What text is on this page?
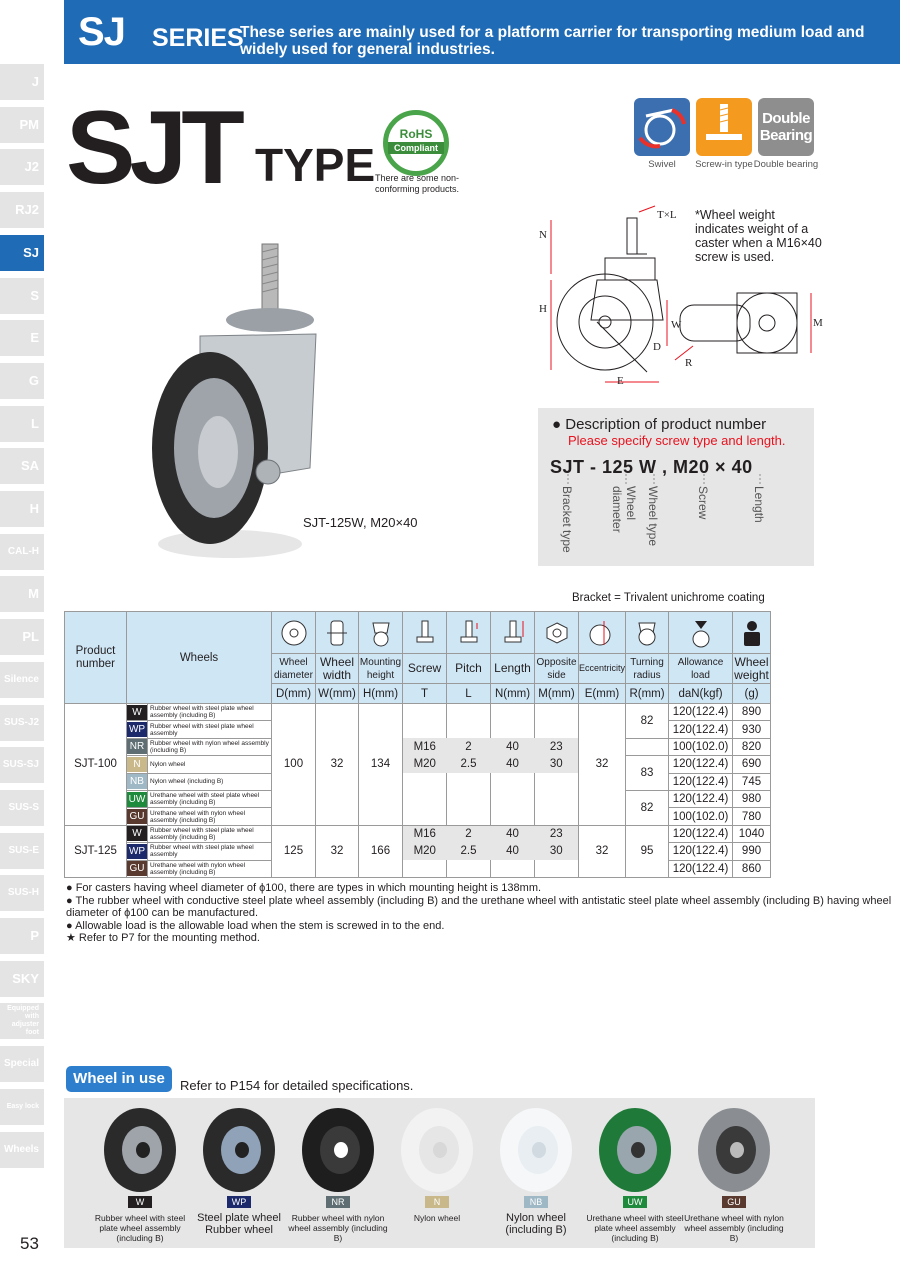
SJ SERIES
These series are mainly used for a platform carrier for transporting medium load and widely used for general industries.
J
PM
J2
RJ2
SJ
S
E
G
L
SA
H
CAL-H
M
PL
Silence
SUS-J2
SUS-SJ
SUS-S
SUS-E
SUS-H
P
SKY
Equipped with adjuster foot
Special
Easy lock
Wheels
53
SJT TYPE
RoHS
Compliant
There are some non-conforming products.
Double Bearing
Swivel	Screw-in type Double bearing
T×L
N
H
W
D
R
E
M
*Wheel weight indicates weight of a caster when a M16×40 screw is used.
SJT-125W, M20×40
● Description of product number
Please specify screw type and length.
SJT - 125 W , M20 × 40
Bracket type	Wheel diameter	Wheel type	Screw	Length
Bracket = Trivalent unichrome coating
Product number	Wheels	

			Wheel diameter	Wheel width	Mounting height	Screw	Pitch	Length	Opposite side	Eccentricity	Turning radius	Allowance load	Wheel weight
			D(mm)	W(mm)	H(mm)	T	L	N(mm)	M(mm)	E(mm)	R(mm)	daN(kgf)	(g)
SJT-100	W	Rubber wheel with steel plate wheel assembly (including B)	100	32	134					32	82	120(122.4)	890
	WP	Rubber wheel with steel plate wheel assembly										120(122.4)	930
	NR	Rubber wheel with nylon wheel assembly (including B)				M16	2	40	23			100(102.0)	820
	N	Nylon wheel				M20	2.5	40	30		83	120(122.4)	690
	NB	Nylon wheel (including B)										120(122.4)	745
	UW	Urethane wheel with steel plate wheel assembly (including B)									82	120(122.4)	980
	GU	Urethane wheel with nylon wheel assembly (including B)										100(102.0)	780
SJT-125	W	Rubber wheel with steel plate wheel assembly (including B)	125	32	166	M16	2	40	23	32	95	120(122.4)	1040
	WP	Rubber wheel with steel plate wheel assembly				M20	2.5	40	30			120(122.4)	990
	GU	Urethane wheel with nylon wheel assembly (including B)										120(122.4)	860
● For casters having wheel diameter of ϕ100, there are types in which mounting height is 138mm.
● The rubber wheel with conductive steel plate wheel assembly (including B) and the urethane wheel with antistatic steel plate wheel assembly (including B) having wheel diameter of ϕ100 can be manufactured.
● Allowable load is the allowable load when the stem is screwed in to the end.
★ Refer to P7 for the mounting method.
Wheel in use	Refer to P154 for detailed specifications.
W
Rubber wheel with steel plate wheel assembly (including B)
WP
Steel plate wheel Rubber wheel
NR
Rubber wheel with nylon wheel assembly (including B)
N
Nylon wheel
NB
Nylon wheel (including B)
UW
Urethane wheel with steel plate wheel assembly (including B)
GU
Urethane wheel with nylon wheel assembly (including B)
